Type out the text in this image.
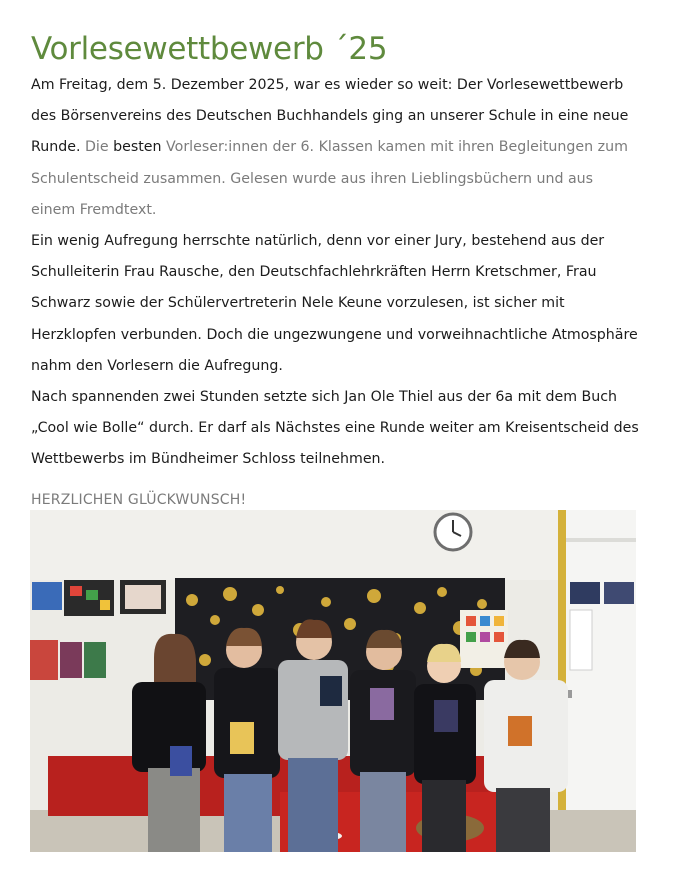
Vorlesewettbewerb ´25

Am Freitag, dem 5. Dezember 2025, war es wieder so weit: Der Vorlesewettbewerb des Börsenvereins des Deutschen Buchhandels ging an unserer Schule in eine neue Runde. Die besten Vorleser:innen der 6. Klassen kamen mit ihren Begleitungen zum Schulentscheid zusammen. Gelesen wurde aus ihren Lieblingsbüchern und aus einem Fremdtext.

Ein wenig Aufregung herrschte natürlich, denn vor einer Jury, bestehend aus der Schulleiterin Frau Rausche, den Deutschfachlehrkräften Herrn Kretschmer, Frau Schwarz sowie der Schülervertreterin Nele Keune vorzulesen, ist sicher mit Herzklopfen verbunden. Doch die ungezwungene und vorweihnachtliche Atmosphäre nahm den Vorlesern die Aufregung.

Nach spannenden zwei Stunden setzte sich Jan Ole Thiel aus der 6a mit dem Buch „Cool wie Bolle“ durch. Er darf als Nächstes eine Runde weiter am Kreisentscheid des Wettbewerbs im Bündheimer Schloss teilnehmen.

HERZLICHEN GLÜCKWUNSCH!
